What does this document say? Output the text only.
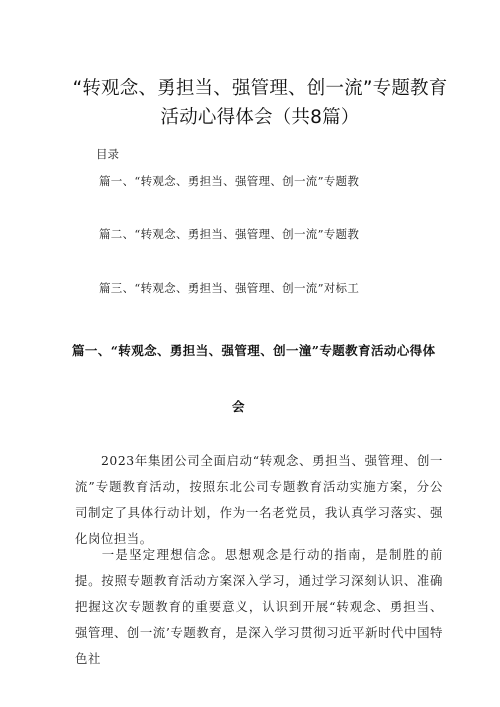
“转观念、勇担当、强管理、创一流”专题教育
活动心得体会（共8篇）
目录
篇一、“转观念、勇担当、强管理、创一流”专题教
篇二、“转观念、勇担当、强管理、创一流”专题教
篇三、“转观念、勇担当、强管理、创一流”对标工
篇一、“转观念、勇担当、强管理、创一潼”专题教育活动心得体
会
2023年集团公司全面启动“转观念、勇担当、强管理、创一流”专题教育活动，按照东北公司专题教育活动实施方案，分公司制定了具体行动计划，作为一名老党员，我认真学习落实、强化岗位担当。
一是坚定理想信念。思想观念是行动的指南，是制胜的前提。按照专题教育活动方案深入学习，通过学习深刻认识、准确把握这次专题教育的重要意义，认识到开展“转观念、勇担当、强管理、创一流’专题教育，是深入学习贯彻习近平新时代中国特色社
